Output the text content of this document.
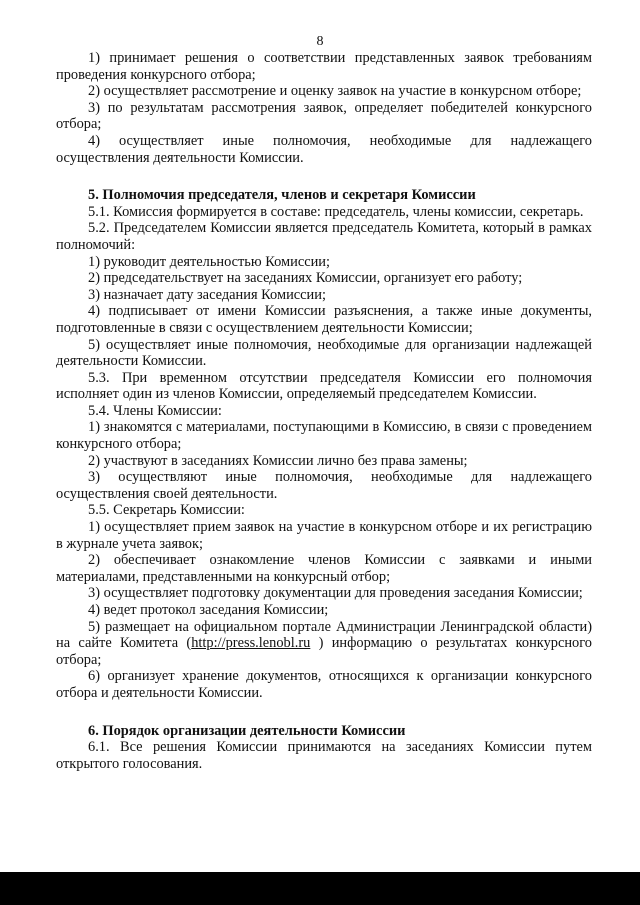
8

1) принимает решения о соответствии представленных заявок требованиям проведения конкурсного отбора;

2) осуществляет рассмотрение и оценку заявок на участие в конкурсном отборе;

3) по результатам рассмотрения заявок, определяет победителей конкурсного отбора;

4) осуществляет иные полномочия, необходимые для надлежащего осуществления деятельности Комиссии.

5. Полномочия председателя, членов и секретаря Комиссии

5.1. Комиссия формируется в составе: председатель, члены комиссии, секретарь.

5.2. Председателем Комиссии является председатель Комитета, который в рамках полномочий:

1) руководит деятельностью Комиссии;

2) председательствует на заседаниях Комиссии, организует его работу;

3) назначает дату заседания Комиссии;

4) подписывает от имени Комиссии разъяснения, а также иные документы, подготовленные в связи с осуществлением деятельности Комиссии;

5) осуществляет иные полномочия, необходимые для организации надлежащей деятельности Комиссии.

5.3. При временном отсутствии председателя Комиссии его полномочия исполняет один из членов Комиссии, определяемый председателем Комиссии.

5.4. Члены Комиссии:

1) знакомятся с материалами, поступающими в Комиссию, в связи с проведением конкурсного отбора;

2) участвуют в заседаниях Комиссии лично без права замены;

3) осуществляют иные полномочия, необходимые для надлежащего осуществления своей деятельности.

5.5. Секретарь Комиссии:

1) осуществляет прием заявок на участие в конкурсном отборе и их регистрацию в журнале учета заявок;

2) обеспечивает ознакомление членов Комиссии с заявками и иными материалами, представленными на конкурсный отбор;

3) осуществляет подготовку документации для проведения заседания Комиссии;

4) ведет протокол заседания Комиссии;

5) размещает на официальном портале Администрации Ленинградской области) на сайте Комитета (http://press.lenobl.ru ) информацию о результатах конкурсного отбора;

6) организует хранение документов, относящихся к организации конкурсного отбора и деятельности Комиссии.

6. Порядок организации деятельности Комиссии

6.1. Все решения Комиссии принимаются на заседаниях Комиссии путем открытого голосования.
